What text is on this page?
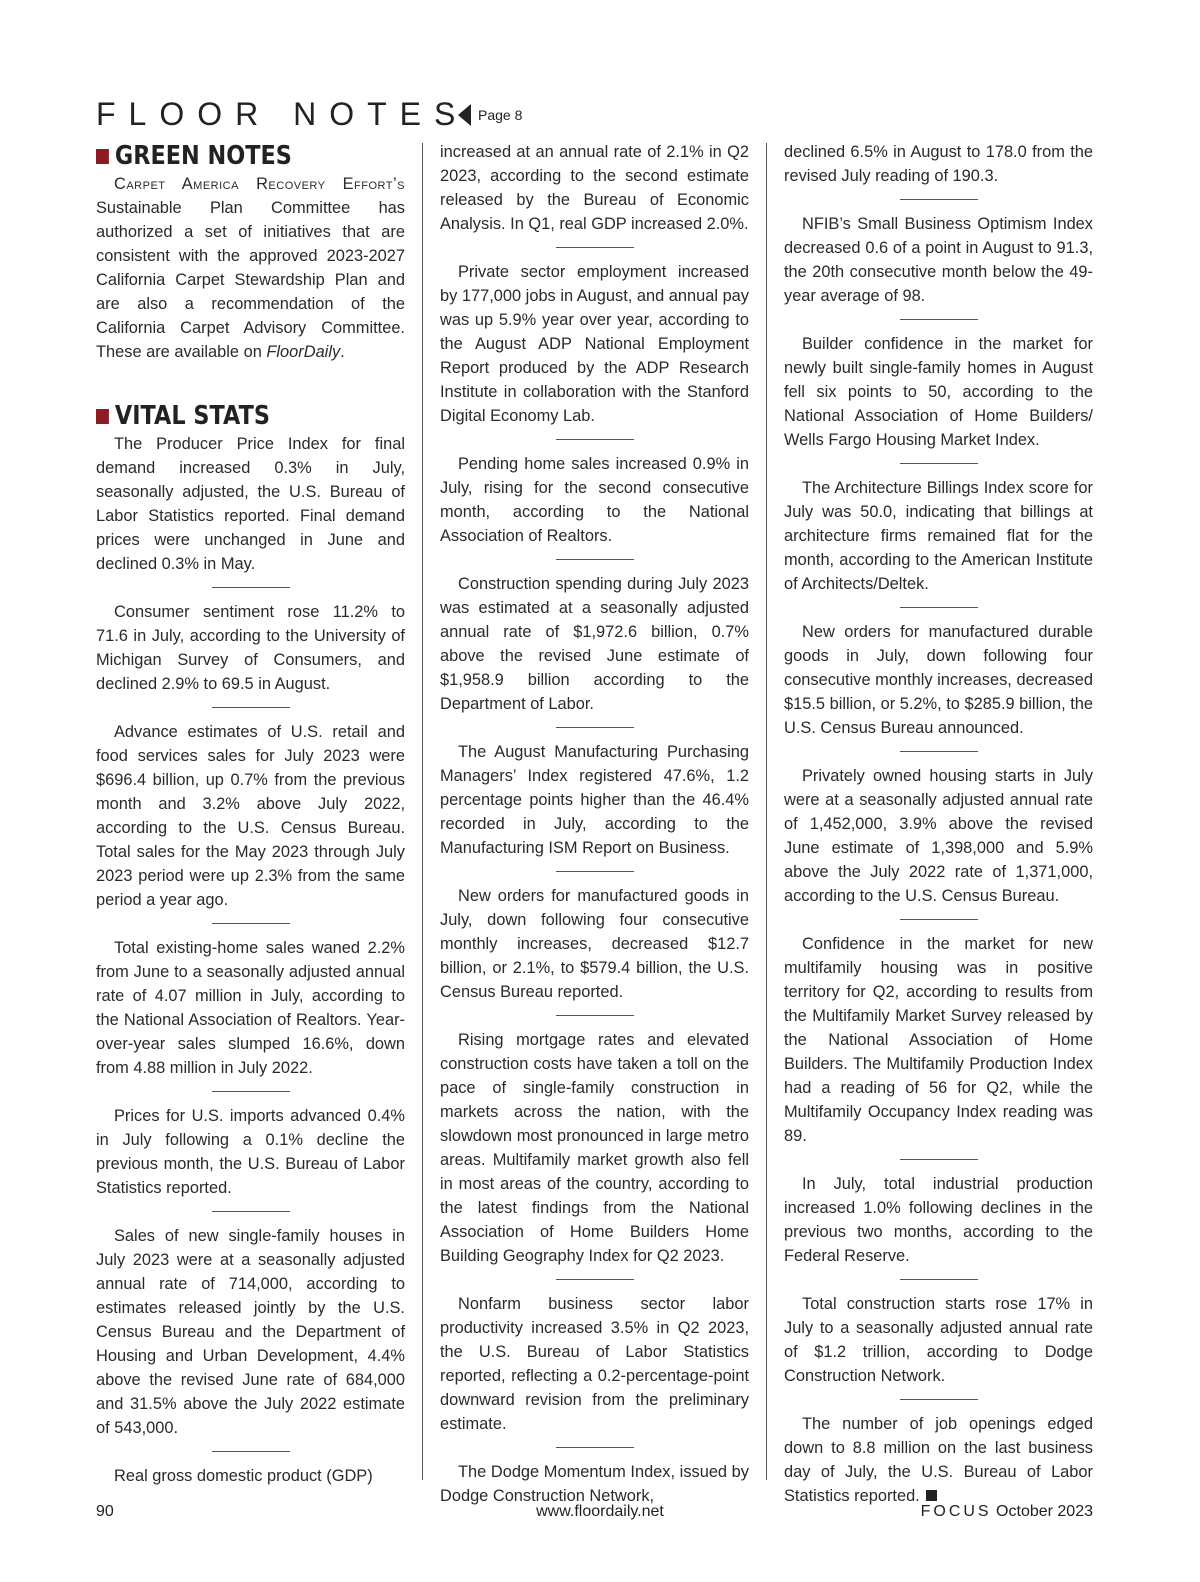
FLOOR NOTES Page 8
GREEN NOTES

Carpet America Recovery Effort’s Sustainable Plan Committee has authorized a set of initiatives that are consistent with the approved 2023-2027 California Carpet Stewardship Plan and are also a recommendation of the California Carpet Advisory Committee. These are available on FloorDaily.

VITAL STATS

The Producer Price Index for final demand increased 0.3% in July, seasonally adjusted, the U.S. Bureau of Labor Statistics reported. Final demand prices were unchanged in June and declined 0.3% in May.

Consumer sentiment rose 11.2% to 71.6 in July, according to the University of Michigan Survey of Consumers, and declined 2.9% to 69.5 in August.

Advance estimates of U.S. retail and food services sales for July 2023 were $696.4 billion, up 0.7% from the previous month and 3.2% above July 2022, according to the U.S. Census Bureau. Total sales for the May 2023 through July 2023 period were up 2.3% from the same period a year ago.

Total existing-home sales waned 2.2% from June to a seasonally adjusted annual rate of 4.07 million in July, according to the National Association of Realtors. Year-over-year sales slumped 16.6%, down from 4.88 million in July 2022.

Prices for U.S. imports advanced 0.4% in July following a 0.1% decline the previous month, the U.S. Bureau of Labor Statistics reported.

Sales of new single-family houses in July 2023 were at a seasonally adjusted annual rate of 714,000, according to estimates released jointly by the U.S. Census Bureau and the Department of Housing and Urban Development, 4.4% above the revised June rate of 684,000 and 31.5% above the July 2022 estimate of 543,000.

Real gross domestic product (GDP)

increased at an annual rate of 2.1% in Q2 2023, according to the second estimate released by the Bureau of Economic Analysis. In Q1, real GDP increased 2.0%.

Private sector employment increased by 177,000 jobs in August, and annual pay was up 5.9% year over year, according to the August ADP National Employment Report produced by the ADP Research Institute in collaboration with the Stanford Digital Economy Lab.

Pending home sales increased 0.9% in July, rising for the second consecutive month, according to the National Association of Realtors.

Construction spending during July 2023 was estimated at a seasonally adjusted annual rate of $1,972.6 billion, 0.7% above the revised June estimate of $1,958.9 billion according to the Department of Labor.

The August Manufacturing Purchasing Managers’ Index registered 47.6%, 1.2 percentage points higher than the 46.4% recorded in July, according to the Manufacturing ISM Report on Business.

New orders for manufactured goods in July, down following four consecutive monthly increases, decreased $12.7 billion, or 2.1%, to $579.4 billion, the U.S. Census Bureau reported.

Rising mortgage rates and elevated construction costs have taken a toll on the pace of single-family construction in markets across the nation, with the slowdown most pronounced in large metro areas. Multifamily market growth also fell in most areas of the country, according to the latest findings from the National Association of Home Builders Home Building Geography Index for Q2 2023.

Nonfarm business sector labor productivity increased 3.5% in Q2 2023, the U.S. Bureau of Labor Statistics reported, reflecting a 0.2-percentage-point downward revision from the preliminary estimate.

The Dodge Momentum Index, issued by Dodge Construction Network,

declined 6.5% in August to 178.0 from the revised July reading of 190.3.

NFIB’s Small Business Optimism Index decreased 0.6 of a point in August to 91.3, the 20th consecutive month below the 49-year average of 98.

Builder confidence in the market for newly built single-family homes in August fell six points to 50, according to the National Association of Home Builders/ Wells Fargo Housing Market Index.

The Architecture Billings Index score for July was 50.0, indicating that billings at architecture firms remained flat for the month, according to the American Institute of Architects/Deltek.

New orders for manufactured durable goods in July, down following four consecutive monthly increases, decreased $15.5 billion, or 5.2%, to $285.9 billion, the U.S. Census Bureau announced.

Privately owned housing starts in July were at a seasonally adjusted annual rate of 1,452,000, 3.9% above the revised June estimate of 1,398,000 and 5.9% above the July 2022 rate of 1,371,000, according to the U.S. Census Bureau.

Confidence in the market for new multifamily housing was in positive territory for Q2, according to results from the Multifamily Market Survey released by the National Association of Home Builders. The Multifamily Production Index had a reading of 56 for Q2, while the Multifamily Occupancy Index reading was 89.

In July, total industrial production increased 1.0% following declines in the previous two months, according to the Federal Reserve.

Total construction starts rose 17% in July to a seasonally adjusted annual rate of $1.2 trillion, according to Dodge Construction Network.

The number of job openings edged down to 8.8 million on the last business day of July, the U.S. Bureau of Labor Statistics reported.

90	www.floordaily.net	FOCUS October 2023
